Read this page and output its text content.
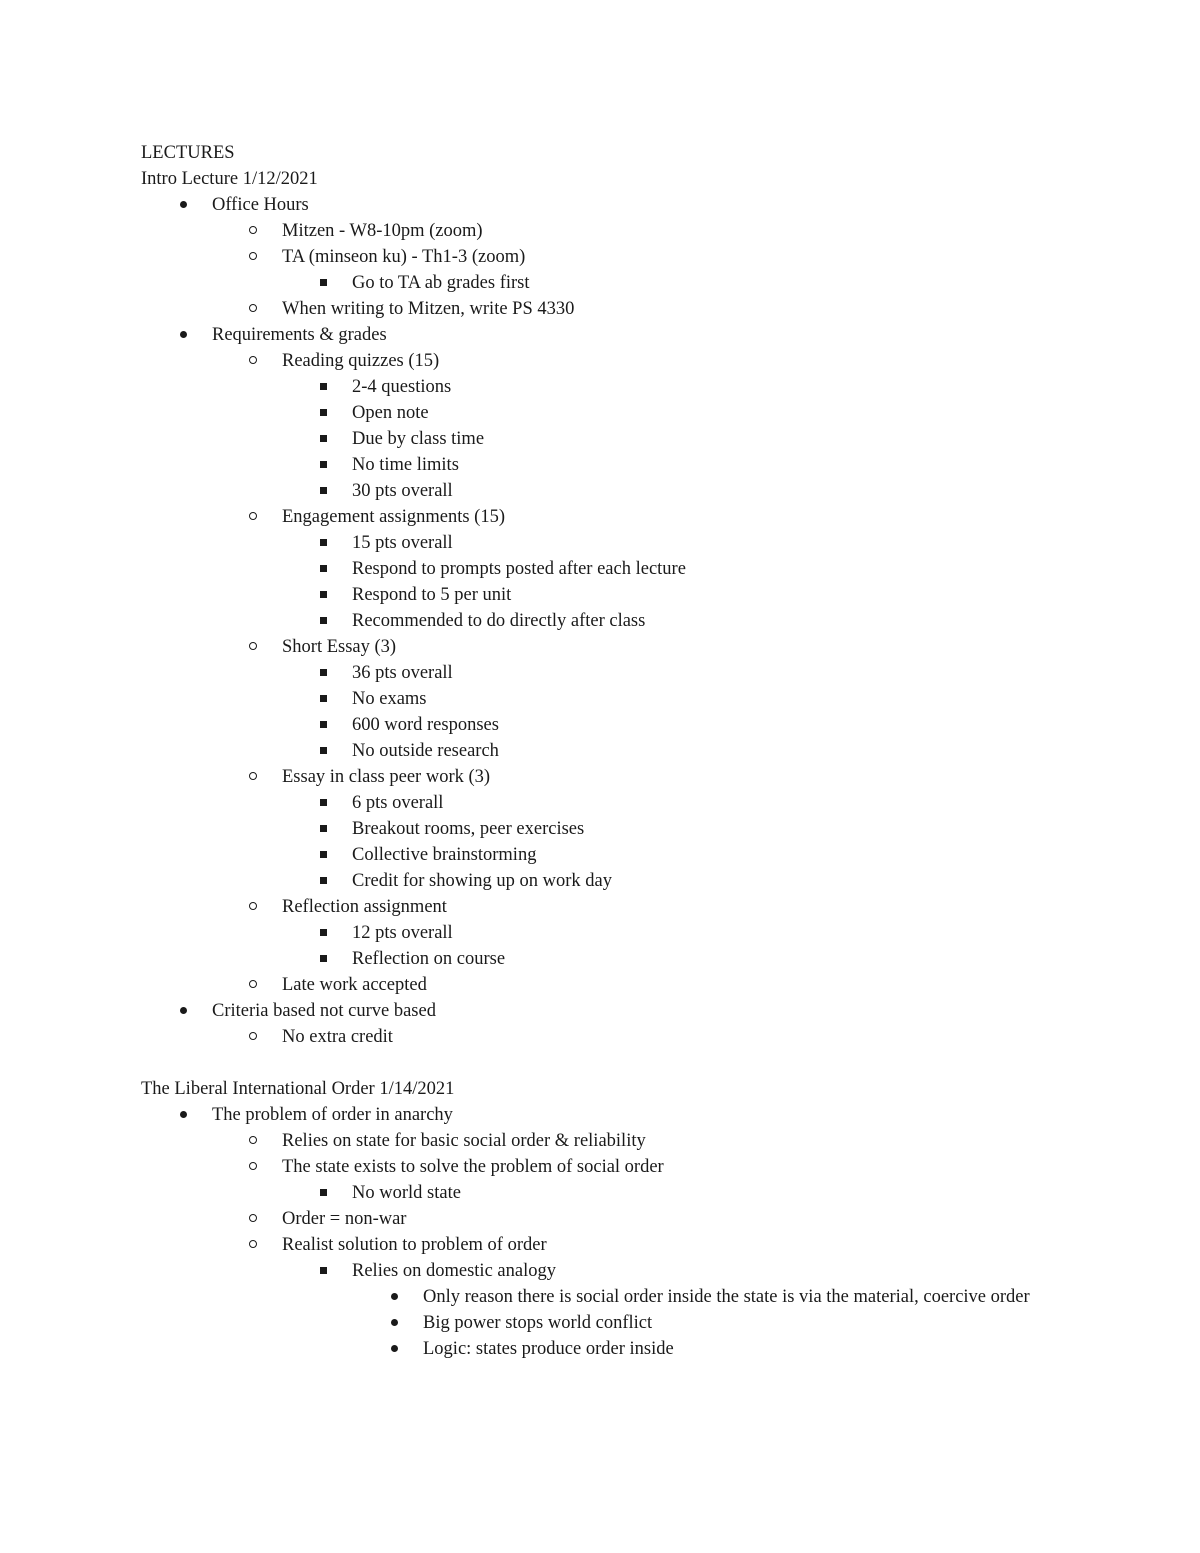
LECTURES
Intro Lecture 1/12/2021
Office Hours
Mitzen - W8-10pm (zoom)
TA (minseon ku) - Th1-3 (zoom)
Go to TA ab grades first
When writing to Mitzen, write PS 4330
Requirements & grades
Reading quizzes (15)
2-4 questions
Open note
Due by class time
No time limits
30 pts overall
Engagement assignments (15)
15 pts overall
Respond to prompts posted after each lecture
Respond to 5 per unit
Recommended to do directly after class
Short Essay (3)
36 pts overall
No exams
600 word responses
No outside research
Essay in class peer work (3)
6 pts overall
Breakout rooms, peer exercises
Collective brainstorming
Credit for showing up on work day
Reflection assignment
12 pts overall
Reflection on course
Late work accepted
Criteria based not curve based
No extra credit
The Liberal International Order 1/14/2021
The problem of order in anarchy
Relies on state for basic social order & reliability
The state exists to solve the problem of social order
No world state
Order = non-war
Realist solution to problem of order
Relies on domestic analogy
Only reason there is social order inside the state is via the material, coercive order
Big power stops world conflict
Logic: states produce order inside
